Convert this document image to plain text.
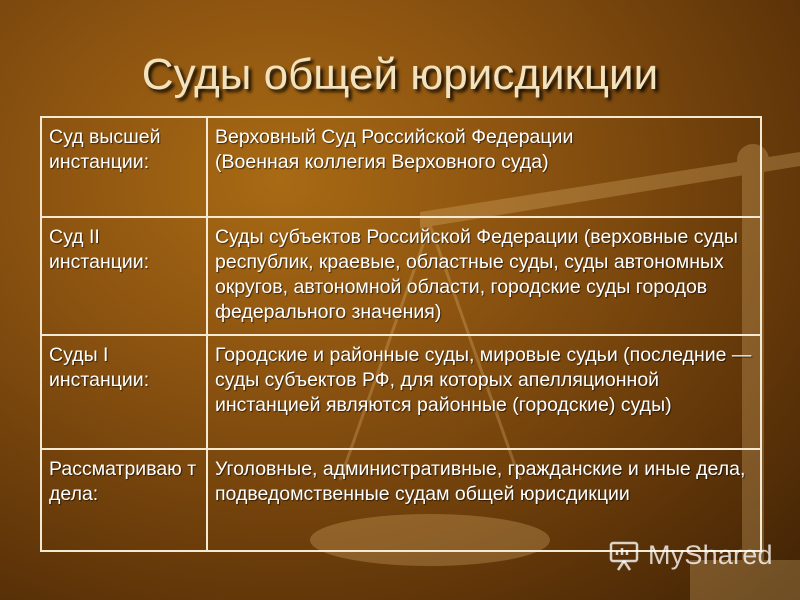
Суды общей юрисдикции
Суд высшей инстанции:	Верховный Суд Российской Федерации
(Военная коллегия Верховного суда)

Суд II инстанции:	Суды субъектов Российской Федерации (верховные суды республик, краевые, областные суды, суды автономных округов, автономной области, городские суды городов федерального значения)

Суды I инстанции:	Городские и районные суды, мировые судьи (последние — суды субъектов РФ, для которых апелляционной инстанцией являются районные (городские) суды)

Рассматриваю т дела:	Уголовные, административные, гражданские и иные дела, подведомственные судам общей юрисдикции
MyShared
